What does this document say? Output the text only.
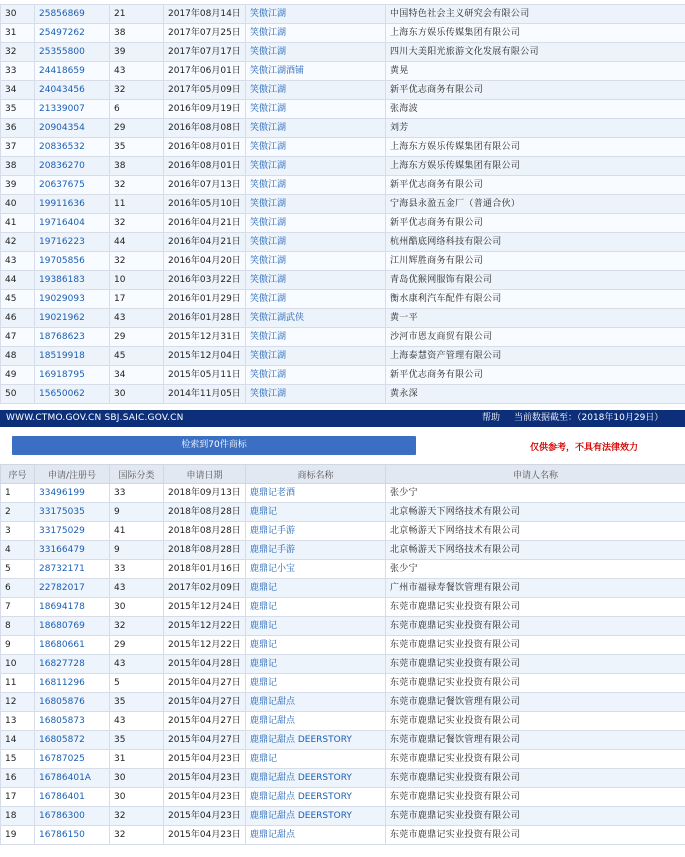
30	25856869	21	2017年08月14日	笑傲江湖	中国特色社会主义研究会有限公司
31	25497262	38	2017年07月25日	笑傲江湖	上海东方娱乐传媒集团有限公司
32	25355800	39	2017年07月17日	笑傲江湖	四川大美阳光旅游文化发展有限公司
33	24418659	43	2017年06月01日	笑傲江湖酒铺	黄晃
34	24043456	32	2017年05月09日	笑傲江湖	新平优志商务有限公司
35	21339007	6	2016年09月19日	笑傲江湖	张海波
36	20904354	29	2016年08月08日	笑傲江湖	刘芳
37	20836532	35	2016年08月01日	笑傲江湖	上海东方娱乐传媒集团有限公司
38	20836270	38	2016年08月01日	笑傲江湖	上海东方娱乐传媒集团有限公司
39	20637675	32	2016年07月13日	笑傲江湖	新平优志商务有限公司
40	19911636	11	2016年05月10日	笑傲江湖	宁海县永盈五金厂（普通合伙）
41	19716404	32	2016年04月21日	笑傲江湖	新平优志商务有限公司
42	19716223	44	2016年04月21日	笑傲江湖	杭州酷底网络科技有限公司
43	19705856	32	2016年04月20日	笑傲江湖	江川辉胜商务有限公司
44	19386183	10	2016年03月22日	笑傲江湖	青岛优猴网服饰有限公司
45	19029093	17	2016年01月29日	笑傲江湖	衡水康利汽车配件有限公司
46	19021962	43	2016年01月28日	笑傲江湖武侠	黄一平
47	18768623	29	2015年12月31日	笑傲江湖	沙河市恩友商贸有限公司
48	18519918	45	2015年12月04日	笑傲江湖	上海泰慧资产管理有限公司
49	16918795	34	2015年05月11日	笑傲江湖	新平优志商务有限公司
50	15650062	30	2014年11月05日	笑傲江湖	黄永深
WWW.CTMO.GOV.CN SBJ.SAIC.GOV.CN	帮助 当前数据截至：（2018年10月29日）
检索到70件商标	仅供参考，不具有法律效力
序号	申请/注册号	国际分类	申请日期	商标名称	申请人名称
1	33496199	33	2018年09月13日	鹿鼎记老酒	张少宁
2	33175035	9	2018年08月28日	鹿鼎记	北京畅游天下网络技术有限公司
3	33175029	41	2018年08月28日	鹿鼎记手游	北京畅游天下网络技术有限公司
4	33166479	9	2018年08月28日	鹿鼎记手游	北京畅游天下网络技术有限公司
5	28732171	33	2018年01月16日	鹿鼎记小宝	张少宁
6	22782017	43	2017年02月09日	鹿鼎记	广州市福禄寿餐饮管理有限公司
7	18694178	30	2015年12月24日	鹿鼎记	东莞市鹿鼎记实业投资有限公司
8	18680769	32	2015年12月22日	鹿鼎记	东莞市鹿鼎记实业投资有限公司
9	18680661	29	2015年12月22日	鹿鼎记	东莞市鹿鼎记实业投资有限公司
10	16827728	43	2015年04月28日	鹿鼎记	东莞市鹿鼎记实业投资有限公司
11	16811296	5	2015年04月27日	鹿鼎记	东莞市鹿鼎记实业投资有限公司
12	16805876	35	2015年04月27日	鹿鼎记甜点	东莞市鹿鼎记餐饮管理有限公司
13	16805873	43	2015年04月27日	鹿鼎记甜点	东莞市鹿鼎记实业投资有限公司
14	16805872	35	2015年04月27日	鹿鼎记甜点 DEERSTORY	东莞市鹿鼎记餐饮管理有限公司
15	16787025	31	2015年04月23日	鹿鼎记	东莞市鹿鼎记实业投资有限公司
16	16786401A	30	2015年04月23日	鹿鼎记甜点 DEERSTORY	东莞市鹿鼎记实业投资有限公司
17	16786401	30	2015年04月23日	鹿鼎记甜点 DEERSTORY	东莞市鹿鼎记实业投资有限公司
18	16786300	32	2015年04月23日	鹿鼎记甜点 DEERSTORY	东莞市鹿鼎记实业投资有限公司
19	16786150	32	2015年04月23日	鹿鼎记甜点	东莞市鹿鼎记实业投资有限公司
